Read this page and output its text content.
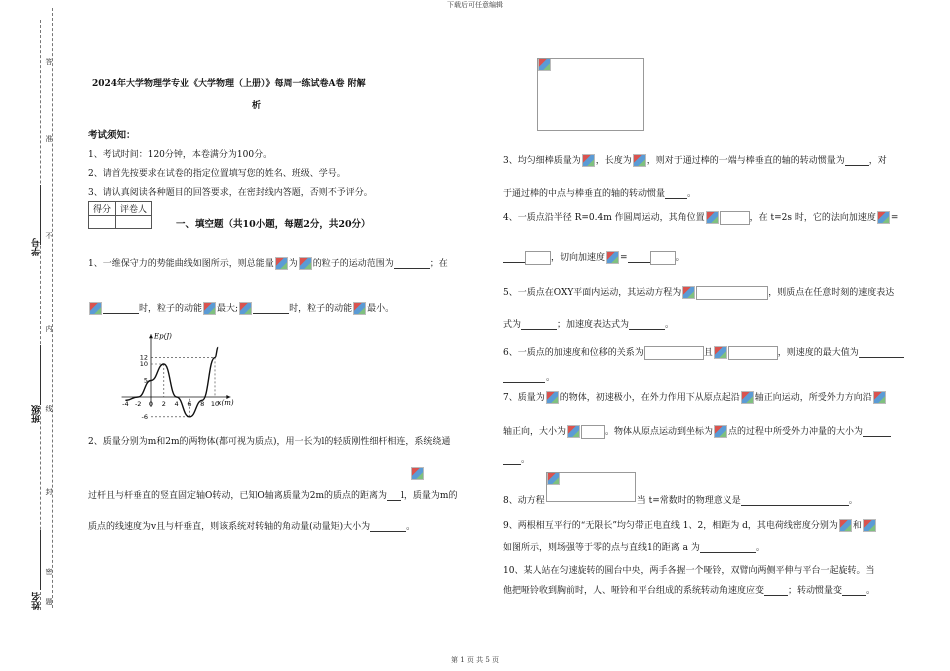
下载后可任意编辑
第 1 页 共 5 页
答
准
不
内
线
封
密
题
学号
班级
姓名

2024年大学物理学专业《大学物理（上册）》每周一练试卷A卷 附解

析

考试须知：

1、考试时间：120分钟，本卷满分为100分。

2、请首先按要求在试卷的指定位置填写您的姓名、班级、学号。

3、请认真阅读各种题目的回答要求，在密封线内答题，否则不予评分。

得分	评卷人

一、填空题（共10小题，每题2分，共20分）

1、一维保守力的势能曲线如图所示，则总能量 为 的粒子的运动范围为	；在

时，粒子的动能 最大;	时，粒子的动能 最小。

-4 -2 0 2 4 6 8 10
12
10
5
-6
Ep(J)
x(m)

2、质量分别为m和2m的两物体(都可视为质点)，用一长为l的轻质刚性细杆相连，系统绕通

过杆且与杆垂直的竖直固定轴O转动，已知O轴离质量为2m的质点的距离为 l，质量为m的

质点的线速度为v且与杆垂直，则该系统对转轴的角动量(动量矩)大小为	。

3、均匀细棒质量为 ，长度为 ，则对于通过棒的一端与棒垂直的轴的转动惯量为	，对

于通过棒的中点与棒垂直的轴的转动惯量 。

4、一质点沿半径 R=0.4m 作圆周运动，其角位置	，在 t=2s 时，它的法向加速度 =

，切向加速度 =	。

5、一质点在OXY平面内运动，其运动方程为	，则质点在任意时刻的速度表达

式为	；加速度表达式为	。

6、一质点的加速度和位移的关系为	且	，则速度的最大值为

。

7、质量为 的物体，初速极小，在外力作用下从原点起沿 轴正向运动，所受外力方向沿

轴正向，大小为	。物体从原点运动到坐标为 点的过程中所受外力冲量的大小为

。

8、动方程	当 t=常数时的物理意义是	。

9、两根相互平行的“无限长”均匀带正电直线 1、2，相距为 d，其电荷线密度分别为 和

如图所示，则场强等于零的点与直线1的距离 a 为	。

10、某人站在匀速旋转的圆台中央，两手各握一个哑铃，双臂向两侧平伸与平台一起旋转。当

他把哑铃收到胸前时，人、哑铃和平台组成的系统转动角速度应变	；转动惯量变	。
